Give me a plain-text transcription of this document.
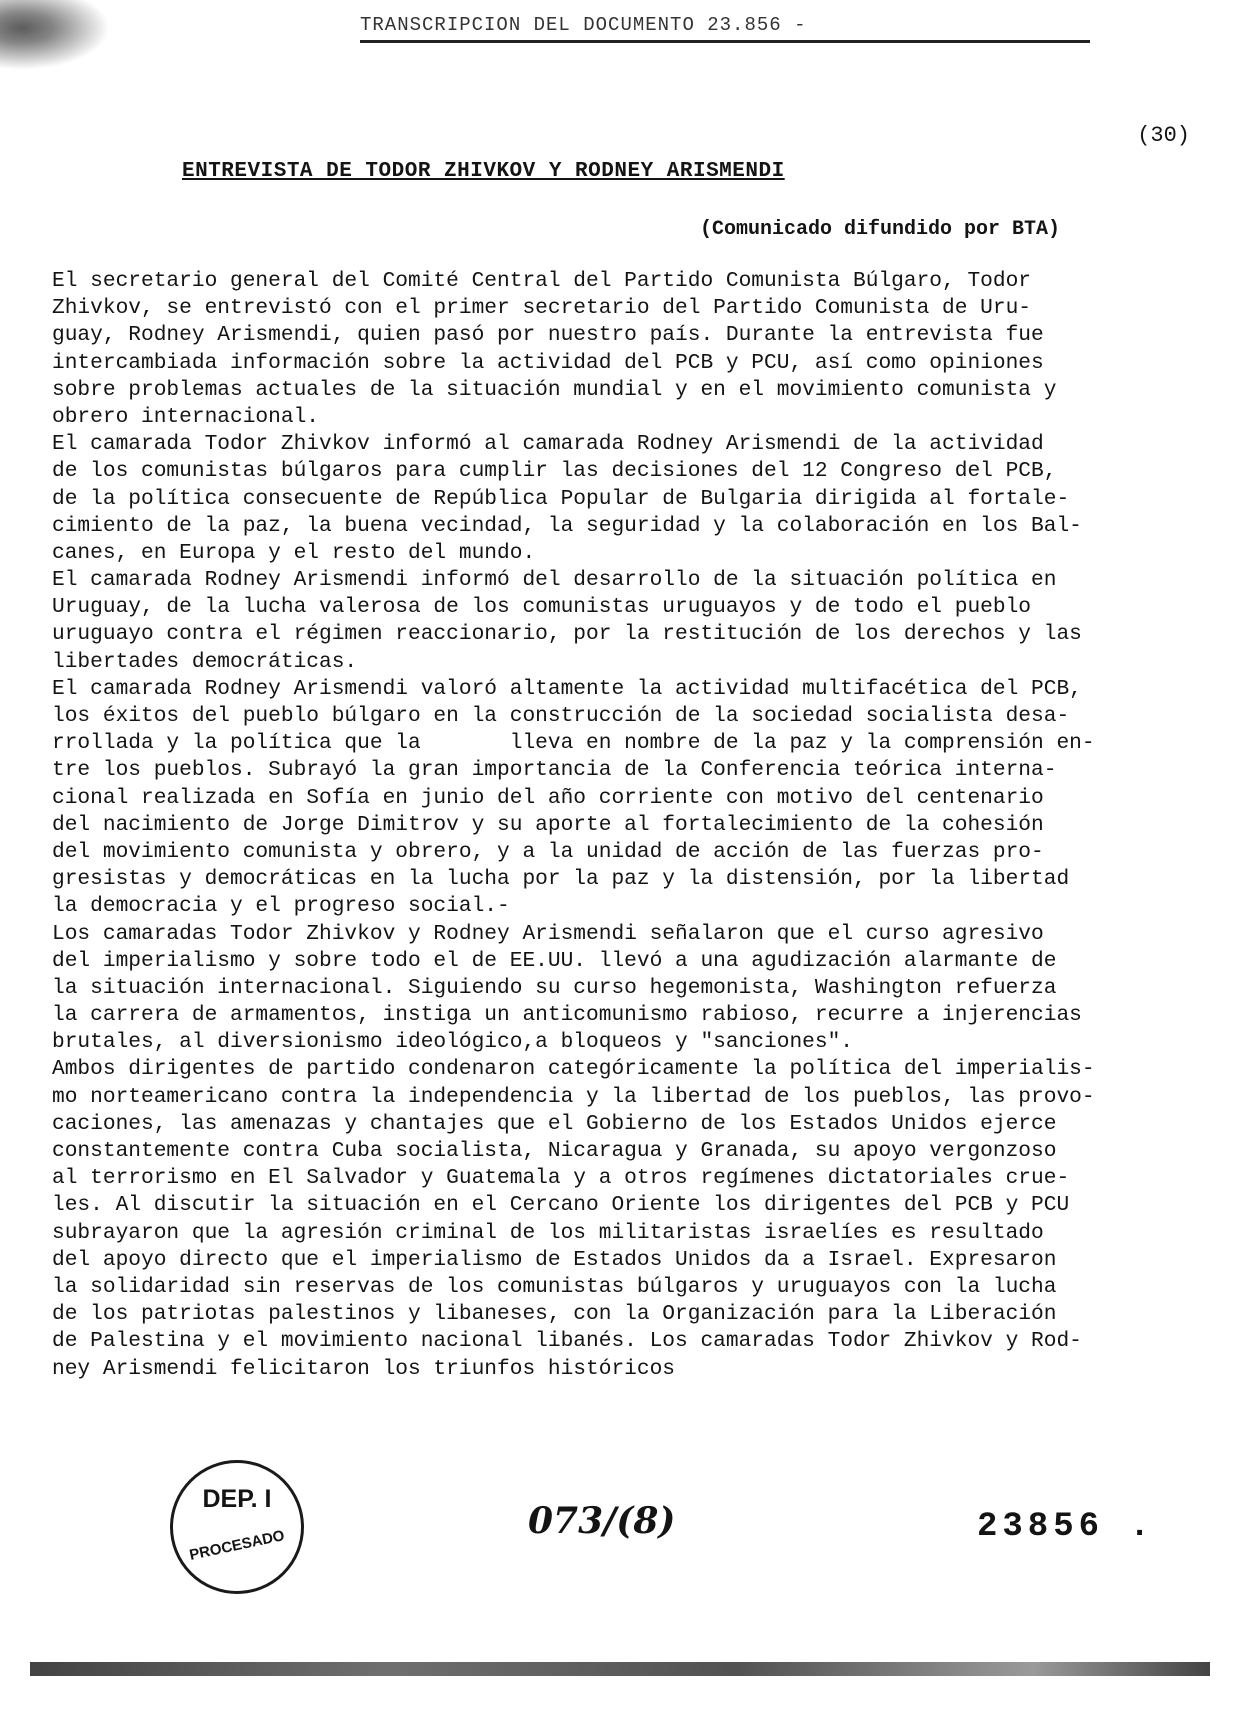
TRANSCRIPCION DEL DOCUMENTO 23.856 -
(30)
ENTREVISTA DE TODOR ZHIVKOV Y RODNEY ARISMENDI
(Comunicado difundido por BTA)
El secretario general del Comité Central del Partido Comunista Búlgaro, Todor
Zhivkov, se entrevistó con el primer secretario del Partido Comunista de Uru-
guay, Rodney Arismendi, quien pasó por nuestro país. Durante la entrevista fue
intercambiada información sobre la actividad del PCB y PCU, así como opiniones
sobre problemas actuales de la situación mundial y en el movimiento comunista y
obrero internacional.
El camarada Todor Zhivkov informó al camarada Rodney Arismendi de la actividad
de los comunistas búlgaros para cumplir las decisiones del 12 Congreso del PCB,
de la política consecuente de República Popular de Bulgaria dirigida al fortale-
cimiento de la paz, la buena vecindad, la seguridad y la colaboración en los Bal-
canes, en Europa y el resto del mundo.
El camarada Rodney Arismendi informó del desarrollo de la situación política en
Uruguay, de la lucha valerosa de los comunistas uruguayos y de todo el pueblo
uruguayo contra el régimen reaccionario, por la restitución de los derechos y las
libertades democráticas.
El camarada Rodney Arismendi valoró altamente la actividad multifacética del PCB,
los éxitos del pueblo búlgaro en la construcción de la sociedad socialista desa-
rrollada y la política que la       lleva en nombre de la paz y la comprensión en-
tre los pueblos. Subrayó la gran importancia de la Conferencia teórica interna-
cional realizada en Sofía en junio del año corriente con motivo del centenario
del nacimiento de Jorge Dimitrov y su aporte al fortalecimiento de la cohesión
del movimiento comunista y obrero, y a la unidad de acción de las fuerzas pro-
gresistas y democráticas en la lucha por la paz y la distensión, por la libertad
la democracia y el progreso social.-
Los camaradas Todor Zhivkov y Rodney Arismendi señalaron que el curso agresivo
del imperialismo y sobre todo el de EE.UU. llevó a una agudización alarmante de
la situación internacional. Siguiendo su curso hegemonista, Washington refuerza
la carrera de armamentos, instiga un anticomunismo rabioso, recurre a injerencias
brutales, al diversionismo ideológico,a bloqueos y "sanciones".
Ambos dirigentes de partido condenaron categóricamente la política del imperialis-
mo norteamericano contra la independencia y la libertad de los pueblos, las provo-
caciones, las amenazas y chantajes que el Gobierno de los Estados Unidos ejerce
constantemente contra Cuba socialista, Nicaragua y Granada, su apoyo vergonzoso
al terrorismo en El Salvador y Guatemala y a otros regímenes dictatoriales crue-
les. Al discutir la situación en el Cercano Oriente los dirigentes del PCB y PCU
subrayaron que la agresión criminal de los militaristas israelíes es resultado
del apoyo directo que el imperialismo de Estados Unidos da a Israel. Expresaron
la solidaridad sin reservas de los comunistas búlgaros y uruguayos con la lucha
de los patriotas palestinos y libaneses, con la Organización para la Liberación
de Palestina y el movimiento nacional libanés. Los camaradas Todor Zhivkov y Rod-
ney Arismendi felicitaron los triunfos históricos
DEP. I
PROCESADO
073/(8)	23856 .
